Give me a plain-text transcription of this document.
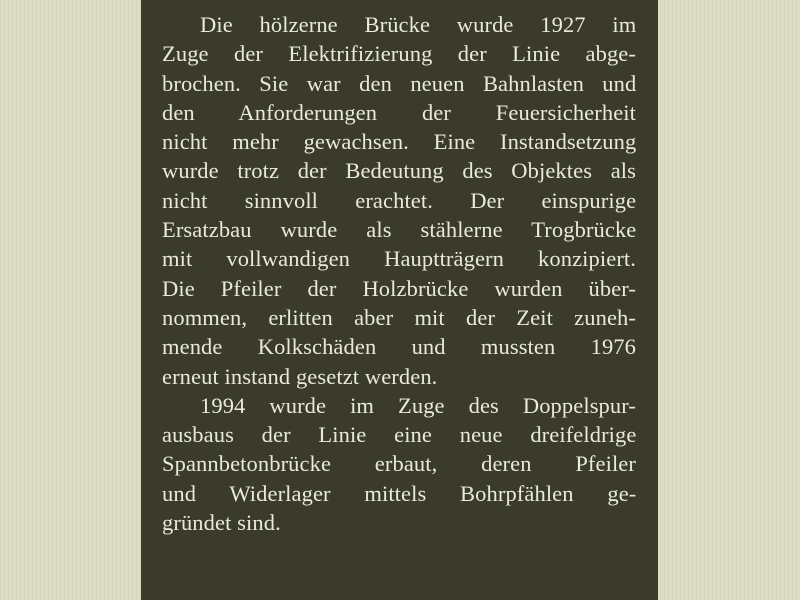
Die hölzerne Brücke wurde 1927 im
Zuge der Elektrifizierung der Linie abge-
brochen. Sie war den neuen Bahnlasten und
den Anforderungen der Feuersicherheit
nicht mehr gewachsen. Eine Instandsetzung
wurde trotz der Bedeutung des Objektes als
nicht sinnvoll erachtet. Der einspurige
Ersatzbau wurde als stählerne Trogbrücke
mit vollwandigen Hauptträgern konzipiert.
Die Pfeiler der Holzbrücke wurden über-
nommen, erlitten aber mit der Zeit zuneh-
mende Kolkschäden und mussten 1976
erneut instand gesetzt werden.
1994 wurde im Zuge des Doppelspur-
ausbaus der Linie eine neue dreifeldrige
Spannbetonbrücke erbaut, deren Pfeiler
und Widerlager mittels Bohrpfählen ge-
gründet sind.
